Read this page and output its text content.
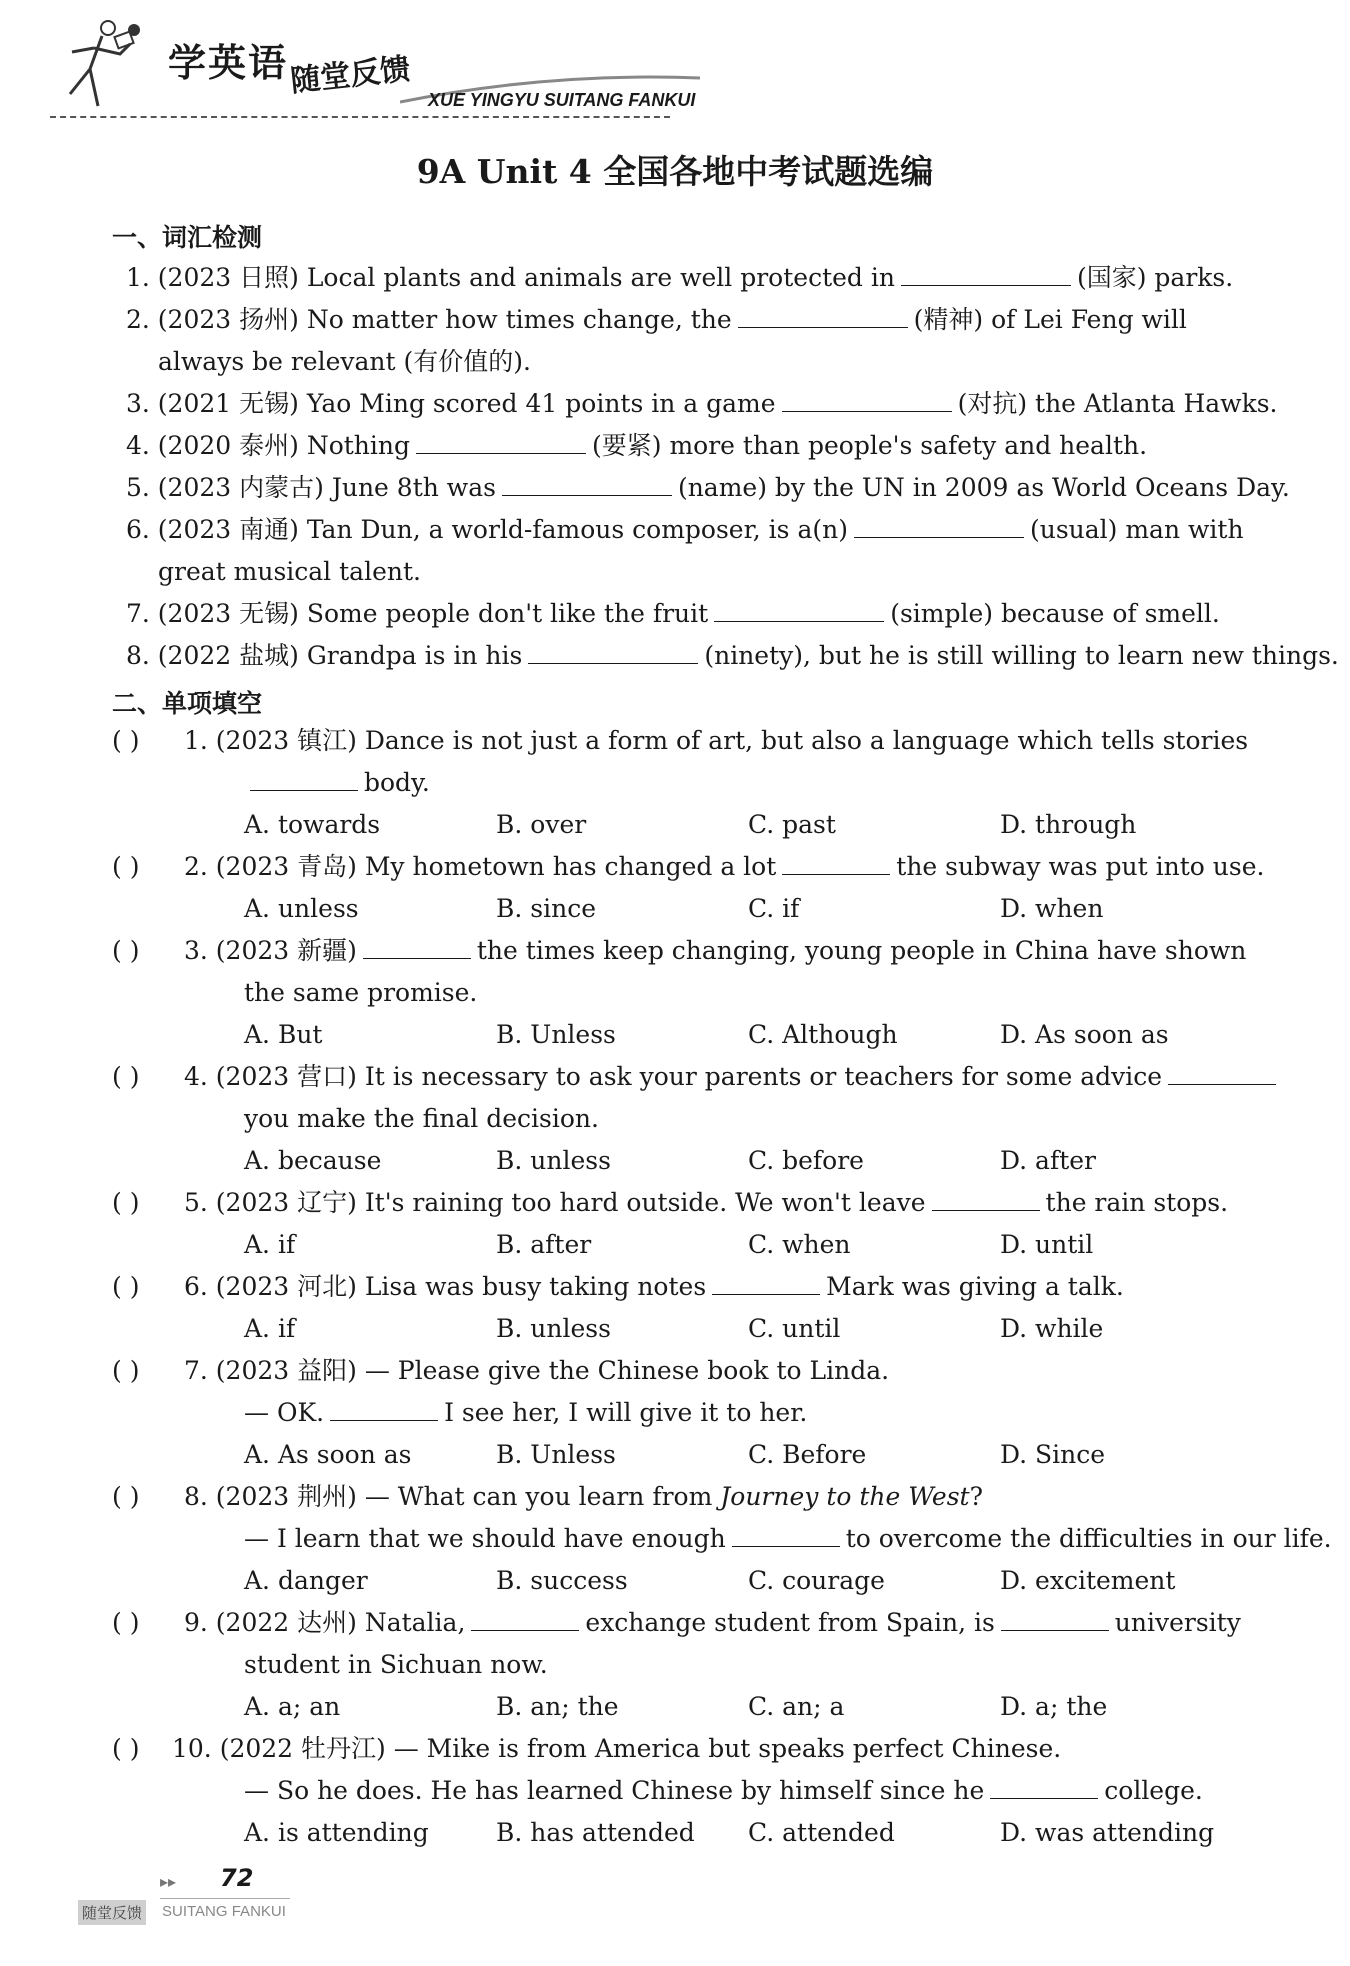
学英语 随堂反馈
XUE YINGYU SUITANG FANKUI
9A Unit 4 全国各地中考试题选编
一、词汇检测
1. (2023 日照) Local plants and animals are well protected in	(国家) parks.
2. (2023 扬州) No matter how times change, the	(精神) of Lei Feng will
always be relevant (有价值的).
3. (2021 无锡) Yao Ming scored 41 points in a game	(对抗) the Atlanta Hawks.
4. (2020 泰州) Nothing	(要紧) more than people's safety and health.
5. (2023 内蒙古) June 8th was	(name) by the UN in 2009 as World Oceans Day.
6. (2023 南通) Tan Dun, a world-famous composer, is a(n)	(usual) man with
great musical talent.
7. (2023 无锡) Some people don't like the fruit	(simple) because of smell.
8. (2022 盐城) Grandpa is in his	(ninety), but he is still willing to learn new things.
二、单项填空
( ) 1. (2023 镇江) Dance is not just a form of art, but also a language which tells stories
body.
A. towards	B. over	C. past	D. through
( ) 2. (2023 青岛) My hometown has changed a lot	the subway was put into use.
A. unless	B. since	C. if	D. when
( ) 3. (2023 新疆)	the times keep changing, young people in China have shown
the same promise.
A. But	B. Unless	C. Although	D. As soon as
( ) 4. (2023 营口) It is necessary to ask your parents or teachers for some advice
you make the final decision.
A. because	B. unless	C. before	D. after
( ) 5. (2023 辽宁) It's raining too hard outside. We won't leave	the rain stops.
A. if	B. after	C. when	D. until
( ) 6. (2023 河北) Lisa was busy taking notes	Mark was giving a talk.
A. if	B. unless	C. until	D. while
( ) 7. (2023 益阳) — Please give the Chinese book to Linda.
— OK.	I see her, I will give it to her.
A. As soon as	B. Unless	C. Before	D. Since
( ) 8. (2023 荆州) — What can you learn from Journey to the West?
— I learn that we should have enough	to overcome the difficulties in our life.
A. danger	B. success	C. courage	D. excitement
( ) 9. (2022 达州) Natalia,	exchange student from Spain, is	university
student in Sichuan now.
A. a; an	B. an; the	C. an; a	D. a; the
( ) 10. (2022 牡丹江) — Mike is from America but speaks perfect Chinese.
— So he does. He has learned Chinese by himself since he	college.
A. is attending	B. has attended C. attended	D. was attending
▸▸ 72
随堂反馈 SUITANG FANKUI
